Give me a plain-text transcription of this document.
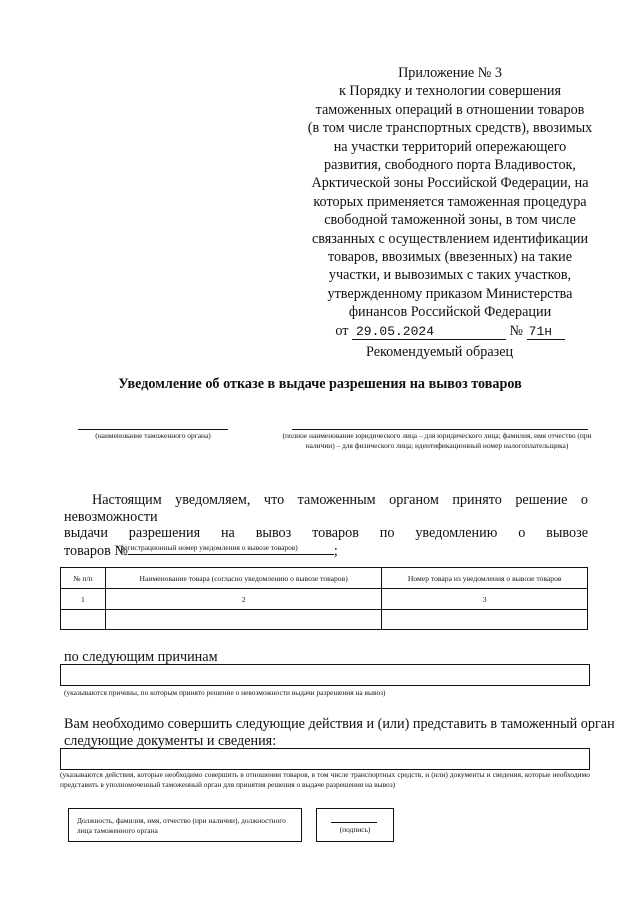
Приложение № 3
к Порядку и технологии совершения
таможенных операций в отношении товаров
(в том числе транспортных средств), ввозимых
на участки территорий опережающего
развития, свободного порта Владивосток,
Арктической зоны Российской Федерации, на
которых применяется таможенная процедура
свободной таможенной зоны, в том числе
связанных с осуществлением идентификации
товаров, ввозимых (ввезенных) на такие
участки, и вывозимых с таких участков,
утвержденному приказом Министерства
финансов Российской Федерации
от 29.05.2024	№ 71н
Рекомендуемый образец
Уведомление об отказе в выдаче разрешения на вывоз товаров
(наименование таможенного органа)	(полное наименование юридического лица – для юридического лица; фамилия, имя отчество (при наличии) – для физического лица; идентификационный номер налогоплательщика)
Настоящим уведомляем, что таможенным органом принято решение о невозможности
выдачи разрешения на вывоз товаров по уведомлению о вывозе
товаров №	;
(регистрационный номер уведомления о вывозе товаров)
№ п/п	Наименование товара (согласно уведомлению о вывозе товаров)	Номер товара из уведомления о вывозе товаров
1	2	3

по следующим причинам
(указываются причины, по которым принято решение о невозможности выдачи разрешения на вывоз)
Вам необходимо совершить следующие действия и (или) представить в таможенный орган
следующие документы и сведения:
(указываются действия, которые необходимо совершить в отношении товаров, в том числе транспортных средств, и (или) документы и сведения, которые необходимо представить в уполномоченный таможенный орган для принятия решения о выдаче разрешения на вывоз)
Должность, фамилия, имя, отчество (при наличии), должностного лица таможенного органа	(подпись)
